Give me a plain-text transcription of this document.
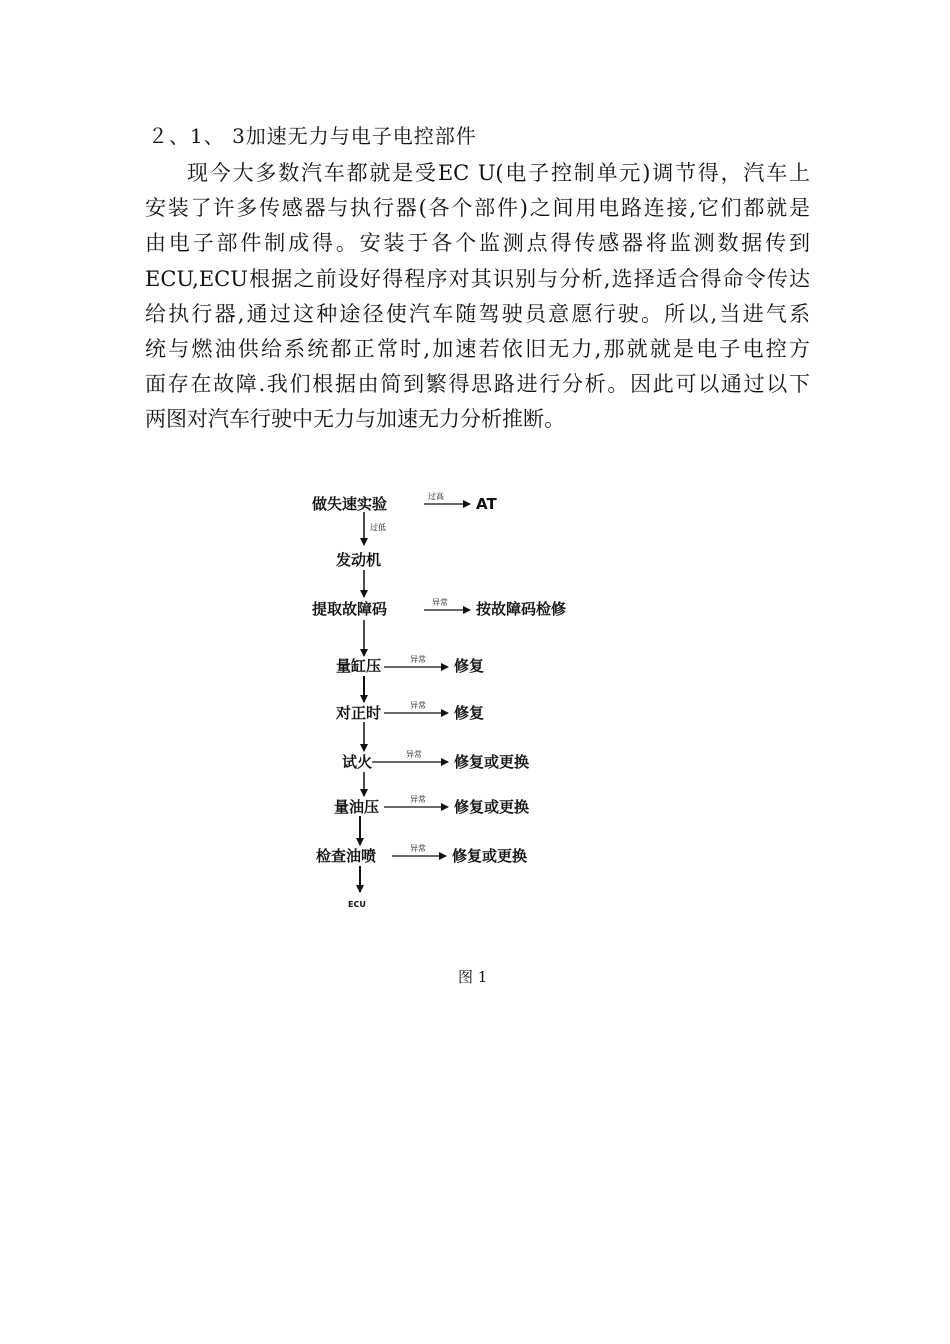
２、1、 3加速无力与电子电控部件
现今大多数汽车都就是受EC U(电子控制单元)调节得，汽车上
安装了许多传感器与执行器(各个部件)之间用电路连接,它们都就是
由电子部件制成得。安装于各个监测点得传感器将监测数据传到
ECU,ECU根据之前设好得程序对其识别与分析,选择适合得命令传达
给执行器,通过这种途径使汽车随驾驶员意愿行驶。所以,当进气系
统与燃油供给系统都正常时,加速若依旧无力,那就就是电子电控方
面存在故障.我们根据由简到繁得思路进行分析。因此可以通过以下
两图对汽车行驶中无力与加速无力分析推断。
做失速实验	过高 AT
过低
发动机
提取故障码	异常 按故障码检修
量缸压	异常 修复
对正时	异常 修复
试火	异常 修复或更换
量油压	异常 修复或更换
检查油喷	异常 修复或更换
ECU
图 1
